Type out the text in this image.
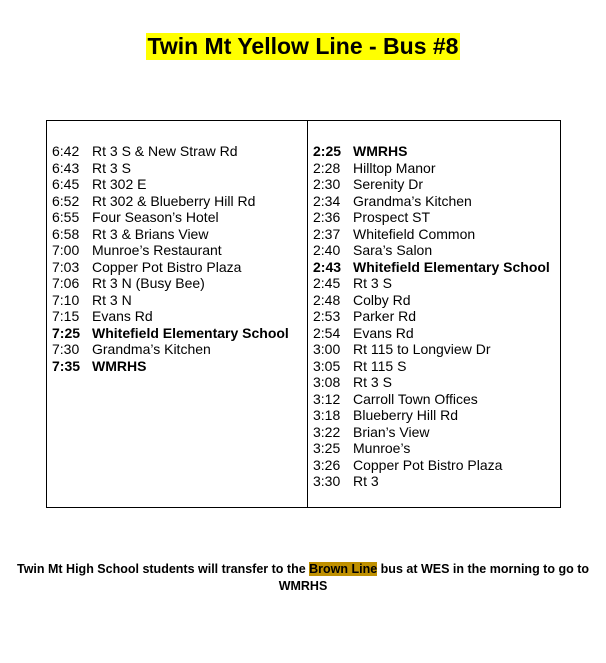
Twin Mt Yellow Line - Bus #8
6:42 Rt 3 S & New Straw Rd
6:43 Rt 3 S
6:45 Rt 302 E
6:52 Rt 302 & Blueberry Hill Rd
6:55 Four Season’s Hotel
6:58 Rt 3 & Brians View
7:00 Munroe’s Restaurant
7:03 Copper Pot Bistro Plaza
7:06 Rt 3 N (Busy Bee)
7:10 Rt 3 N
7:15 Evans Rd
7:25 Whitefield Elementary School
7:30 Grandma’s Kitchen
7:35 WMRHS
2:25 WMRHS
2:28 Hilltop Manor
2:30 Serenity Dr
2:34 Grandma’s Kitchen
2:36 Prospect ST
2:37 Whitefield Common
2:40 Sara’s Salon
2:43 Whitefield Elementary School
2:45 Rt 3 S
2:48 Colby Rd
2:53 Parker Rd
2:54 Evans Rd
3:00 Rt 115 to Longview Dr
3:05 Rt 115 S
3:08 Rt 3 S
3:12 Carroll Town Offices
3:18 Blueberry Hill Rd
3:22 Brian’s View
3:25 Munroe’s
3:26 Copper Pot Bistro Plaza
3:30 Rt 3
Twin Mt High School students will transfer to the Brown Line bus at WES in the morning to go to WMRHS
